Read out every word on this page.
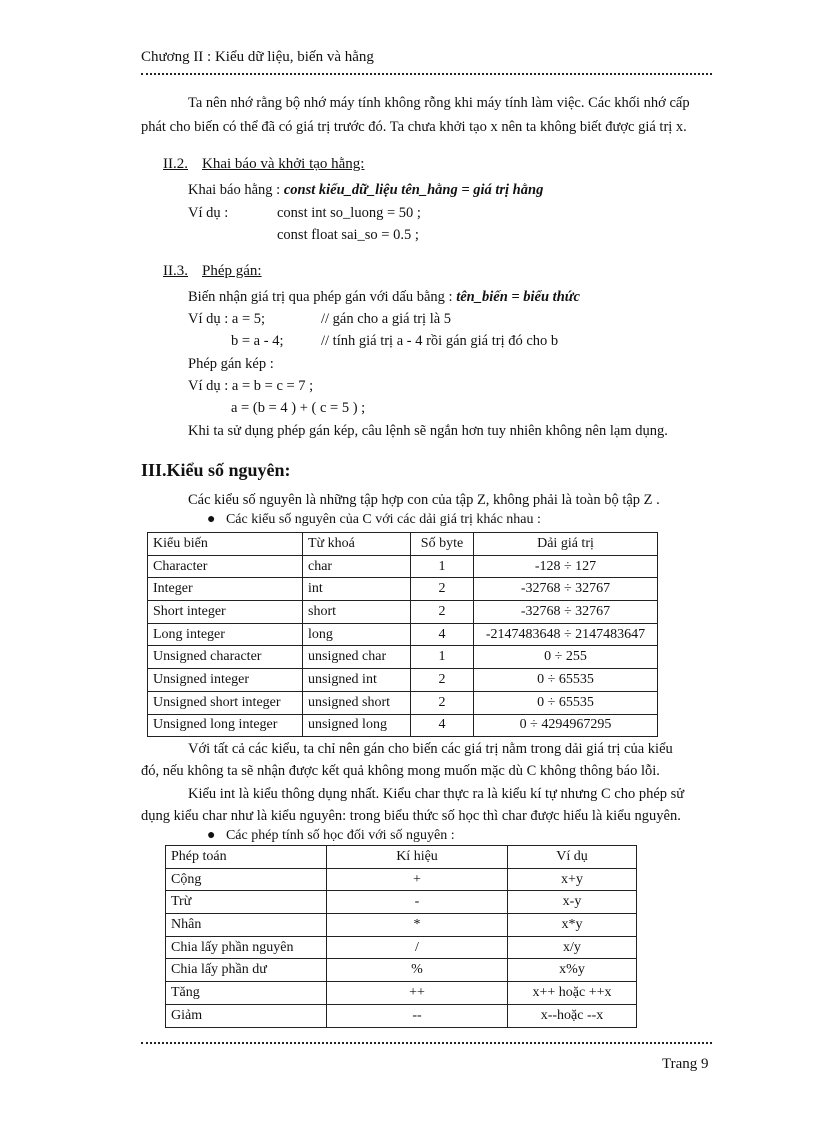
Chương II : Kiểu dữ liệu, biến và hằng
Ta nên nhớ rằng bộ nhớ máy tính không rỗng khi máy tính làm việc. Các khối nhớ cấp
phát cho biến có thể đã có giá trị trước đó. Ta chưa khởi tạo x nên ta không biết được giá trị x.
II.2. Khai báo và khởi tạo hằng:
Khai báo hằng : const kiểu_dữ_liệu tên_hằng = giá trị hằng
Ví dụ :	const int so_luong = 50 ;
const float sai_so = 0.5 ;
II.3. Phép gán:
Biến nhận giá trị qua phép gán với dấu bằng : tên_biến = biểu thức
Ví dụ : a = 5;	// gán cho a giá trị là 5
b = a - 4;	// tính giá trị a - 4 rồi gán giá trị đó cho b
Phép gán kép :
Ví dụ : a = b = c = 7 ;
a = (b = 4 ) + ( c = 5 ) ;
Khi ta sử dụng phép gán kép, câu lệnh sẽ ngắn hơn tuy nhiên không nên lạm dụng.
III.Kiểu số nguyên:
Các kiểu số nguyên là những tập hợp con của tập Z, không phải là toàn bộ tập Z .
● Các kiểu số nguyên của C với các dải giá trị khác nhau :
Kiểu biến	Từ khoá	Số byte	Dải giá trị
Character	char	1	-128 ÷ 127
Integer	int	2	-32768 ÷ 32767
Short integer	short	2	-32768 ÷ 32767
Long integer	long	4	-2147483648 ÷ 2147483647
Unsigned character	unsigned char	1	0 ÷ 255
Unsigned integer	unsigned int	2	0 ÷ 65535
Unsigned short integer	unsigned short	2	0 ÷ 65535
Unsigned long integer	unsigned long	4	0 ÷ 4294967295
Với tất cả các kiểu, ta chỉ nên gán cho biến các giá trị nằm trong dải giá trị của kiểu
đó, nếu không ta sẽ nhận được kết quả không mong muốn mặc dù C không thông báo lỗi.
Kiểu int là kiểu thông dụng nhất. Kiểu char thực ra là kiểu kí tự nhưng C cho phép sử
dụng kiểu char như là kiểu nguyên: trong biểu thức số học thì char được hiểu là kiểu nguyên.
● Các phép tính số học đối với số nguyên :
Phép toán	Kí hiệu	Ví dụ
Cộng	+	x+y
Trừ	-	x-y
Nhân	*	x*y
Chia lấy phần nguyên	/	x/y
Chia lấy phần dư	%	x%y
Tăng	++	x++ hoặc ++x
Giảm	--	x--hoặc --x
Trang 9
